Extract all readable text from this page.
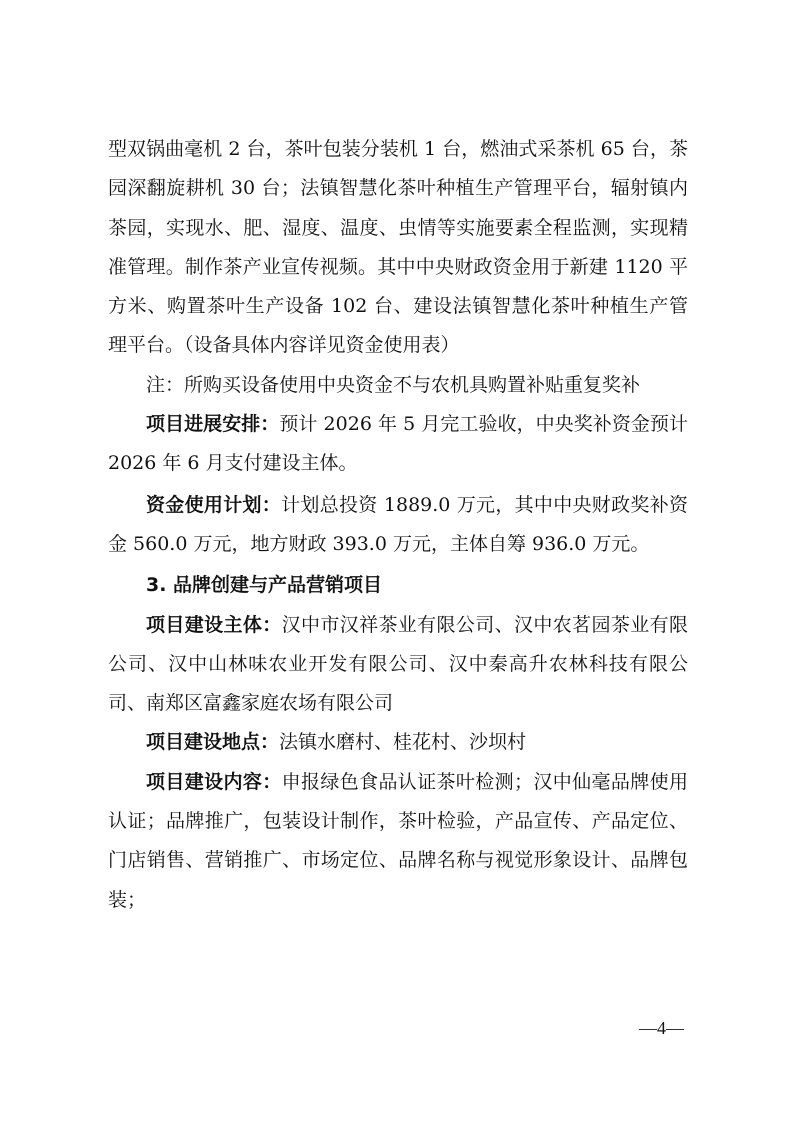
型双锅曲毫机 2 台，茶叶包装分装机 1 台，燃油式采茶机 65 台，茶园深翻旋耕机 30 台；法镇智慧化茶叶种植生产管理平台，辐射镇内茶园，实现水、肥、湿度、温度、虫情等实施要素全程监测，实现精准管理。制作茶产业宣传视频。其中中央财政资金用于新建 1120 平方米、购置茶叶生产设备 102 台、建设法镇智慧化茶叶种植生产管理平台。（设备具体内容详见资金使用表）

注：所购买设备使用中央资金不与农机具购置补贴重复奖补

项目进展安排：预计 2026 年 5 月完工验收，中央奖补资金预计 2026 年 6 月支付建设主体。

资金使用计划：计划总投资 1889.0 万元，其中中央财政奖补资金 560.0 万元，地方财政 393.0 万元，主体自筹 936.0 万元。

3. 品牌创建与产品营销项目

项目建设主体：汉中市汉祥茶业有限公司、汉中农茗园茶业有限公司、汉中山林味农业开发有限公司、汉中秦高升农林科技有限公司、南郑区富鑫家庭农场有限公司

项目建设地点：法镇水磨村、桂花村、沙坝村

项目建设内容：申报绿色食品认证茶叶检测；汉中仙毫品牌使用认证；品牌推广，包装设计制作，茶叶检验，产品宣传、产品定位、门店销售、营销推广、市场定位、品牌名称与视觉形象设计、品牌包装；

—4—
